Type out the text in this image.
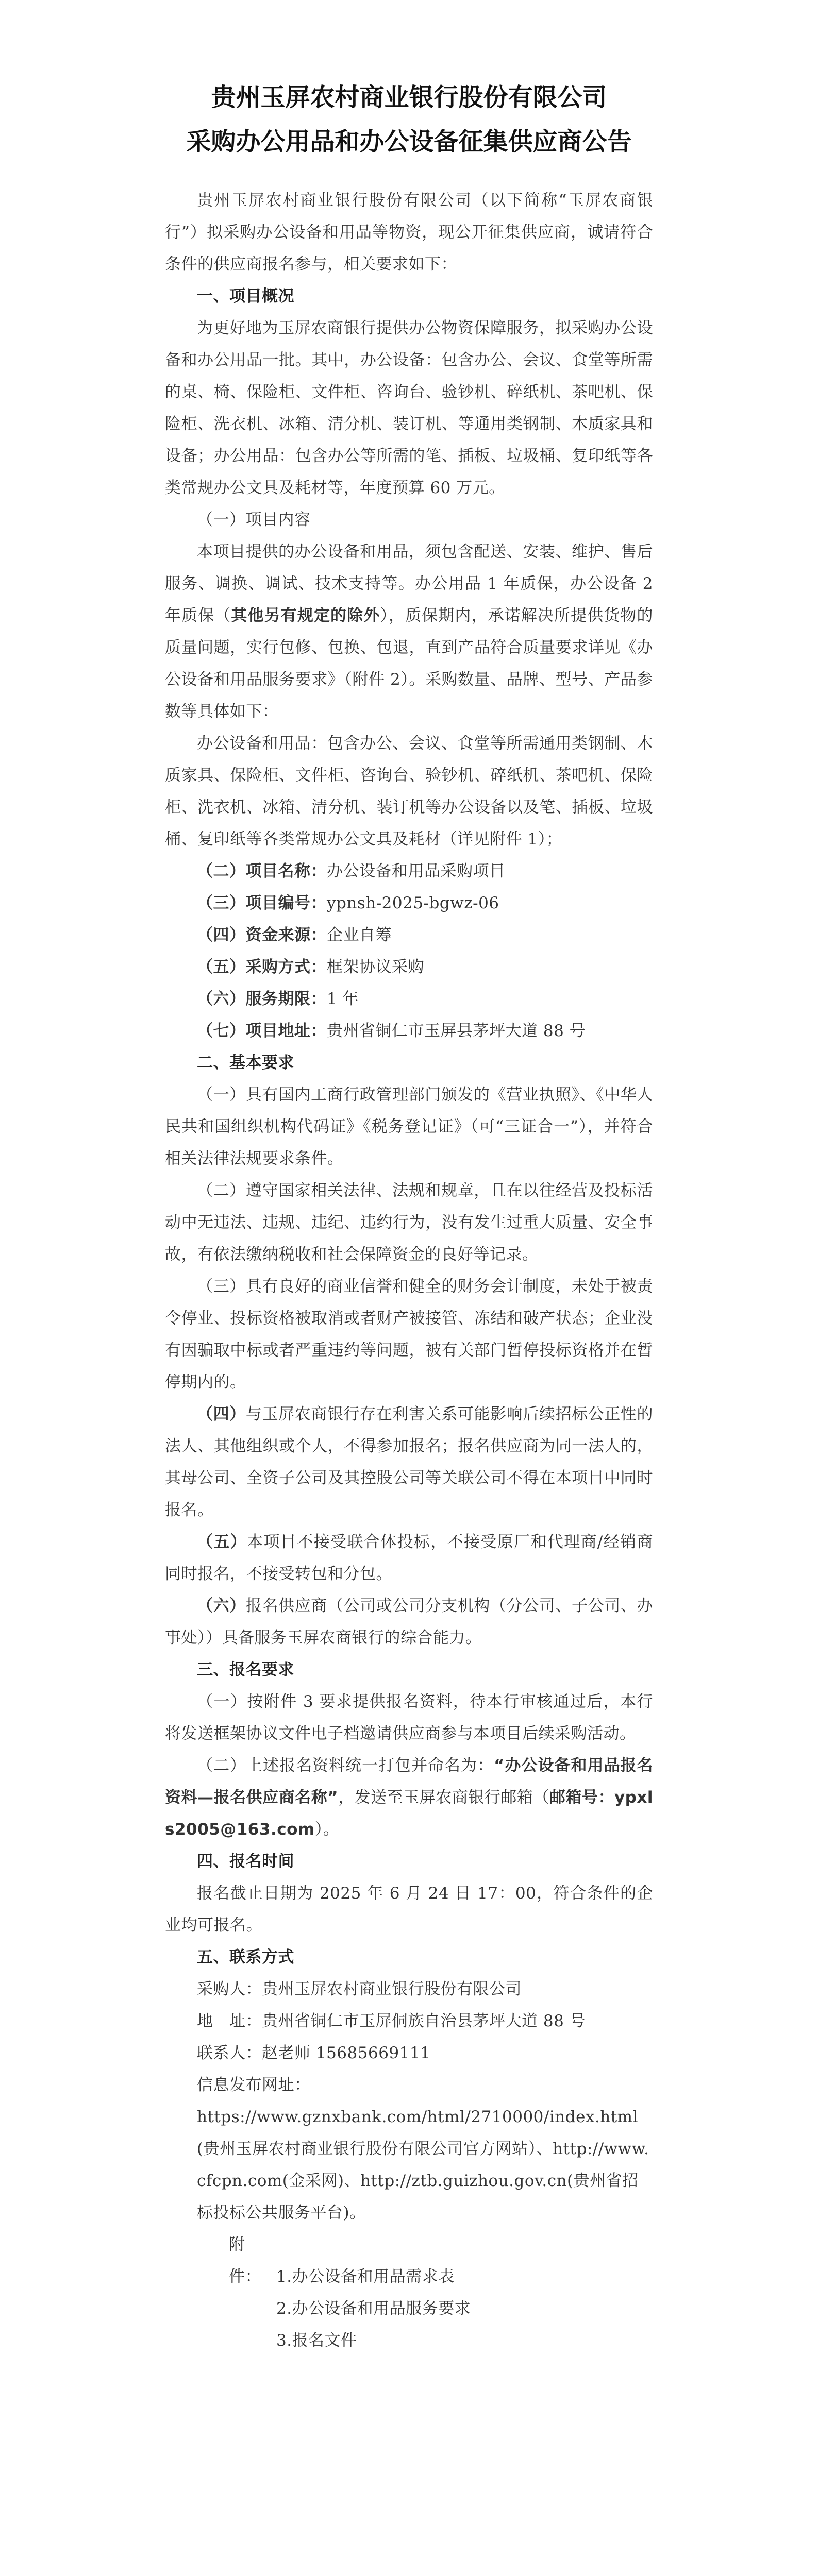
贵州玉屏农村商业银行股份有限公司
采购办公用品和办公设备征集供应商公告

贵州玉屏农村商业银行股份有限公司（以下简称“玉屏农商银行”）拟采购办公设备和用品等物资，现公开征集供应商，诚请符合条件的供应商报名参与，相关要求如下：

一、项目概况

为更好地为玉屏农商银行提供办公物资保障服务，拟采购办公设备和办公用品一批。其中，办公设备：包含办公、会议、食堂等所需的桌、椅、保险柜、文件柜、咨询台、验钞机、碎纸机、茶吧机、保险柜、洗衣机、冰箱、清分机、装订机、等通用类钢制、木质家具和设备；办公用品：包含办公等所需的笔、插板、垃圾桶、复印纸等各类常规办公文具及耗材等，年度预算 60 万元。

（一）项目内容

本项目提供的办公设备和用品，须包含配送、安装、维护、售后服务、调换、调试、技术支持等。办公用品 1 年质保，办公设备 2 年质保（其他另有规定的除外），质保期内，承诺解决所提供货物的质量问题，实行包修、包换、包退，直到产品符合质量要求详见《办公设备和用品服务要求》（附件 2）。采购数量、品牌、型号、产品参数等具体如下：

办公设备和用品：包含办公、会议、食堂等所需通用类钢制、木质家具、保险柜、文件柜、咨询台、验钞机、碎纸机、茶吧机、保险柜、洗衣机、冰箱、清分机、装订机等办公设备以及笔、插板、垃圾桶、复印纸等各类常规办公文具及耗材（详见附件 1）；

（二）项目名称：办公设备和用品采购项目

（三）项目编号：ypnsh-2025-bgwz-06

（四）资金来源：企业自筹

（五）采购方式：框架协议采购

（六）服务期限：1 年

（七）项目地址：贵州省铜仁市玉屏县茅坪大道 88 号

二、基本要求

（一）具有国内工商行政管理部门颁发的《营业执照》、《中华人民共和国组织机构代码证》《税务登记证》（可“三证合一”），并符合相关法律法规要求条件。

（二）遵守国家相关法律、法规和规章，且在以往经营及投标活动中无违法、违规、违纪、违约行为，没有发生过重大质量、安全事故，有依法缴纳税收和社会保障资金的良好等记录。

（三）具有良好的商业信誉和健全的财务会计制度，未处于被责令停业、投标资格被取消或者财产被接管、冻结和破产状态；企业没有因骗取中标或者严重违约等问题，被有关部门暂停投标资格并在暂停期内的。

（四）与玉屏农商银行存在利害关系可能影响后续招标公正性的法人、其他组织或个人，不得参加报名；报名供应商为同一法人的，其母公司、全资子公司及其控股公司等关联公司不得在本项目中同时报名。

（五）本项目不接受联合体投标，不接受原厂和代理商/经销商同时报名，不接受转包和分包。

（六）报名供应商（公司或公司分支机构（分公司、子公司、办事处））具备服务玉屏农商银行的综合能力。

三、报名要求

（一）按附件 3 要求提供报名资料，待本行审核通过后，本行将发送框架协议文件电子档邀请供应商参与本项目后续采购活动。

（二）上述报名资料统一打包并命名为：“办公设备和用品报名资料—报名供应商名称”，发送至玉屏农商银行邮箱（邮箱号：ypxls2005@163.com）。

四、报名时间

报名截止日期为 2025 年 6 月 24 日 17：00，符合条件的企业均可报名。

五、联系方式

采购人：贵州玉屏农村商业银行股份有限公司

地　址：贵州省铜仁市玉屏侗族自治县茅坪大道 88 号

联系人：赵老师 15685669111

信息发布网址：

https://www.gznxbank.com/html/2710000/index.html(贵州玉屏农村商业银行股份有限公司官方网站）、http://www.cfcpn.com(金采网)、http://ztb.guizhou.gov.cn(贵州省招标投标公共服务平台)。

附件： 1.办公设备和用品需求表

2.办公设备和用品服务要求

3.报名文件
